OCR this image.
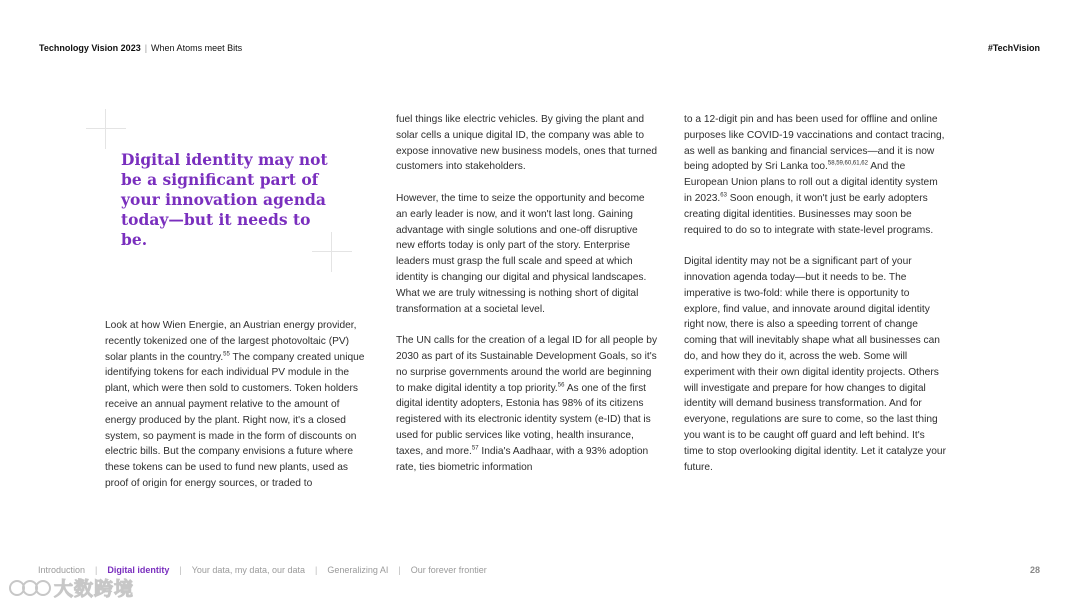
Technology Vision 2023 | When Atoms meet Bits	#TechVision

Digital identity may not be a significant part of your innovation agenda today—but it needs to be.

Look at how Wien Energie, an Austrian energy provider, recently tokenized one of the largest photovoltaic (PV) solar plants in the country.$^{55}$ The company created unique identifying tokens for each individual PV module in the plant, which were then sold to customers. Token holders receive an annual payment relative to the amount of energy produced by the plant. Right now, it's a closed system, so payment is made in the form of discounts on electric bills. But the company envisions a future where these tokens can be used to fund new plants, used as proof of origin for energy sources, or traded to

fuel things like electric vehicles. By giving the plant and solar cells a unique digital ID, the company was able to expose innovative new business models, ones that turned customers into stakeholders.

However, the time to seize the opportunity and become an early leader is now, and it won't last long. Gaining advantage with single solutions and one-off disruptive new efforts today is only part of the story. Enterprise leaders must grasp the full scale and speed at which identity is changing our digital and physical landscapes. What we are truly witnessing is nothing short of digital transformation at a societal level.

The UN calls for the creation of a legal ID for all people by 2030 as part of its Sustainable Development Goals, so it's no surprise governments around the world are beginning to make digital identity a top priority.$^{56}$ As one of the first digital identity adopters, Estonia has 98% of its citizens registered with its electronic identity system (e-ID) that is used for public services like voting, health insurance, taxes, and more.$^{57}$ India's Aadhaar, with a 93% adoption rate, ties biometric information

to a 12-digit pin and has been used for offline and online purposes like COVID-19 vaccinations and contact tracing, as well as banking and financial services—and it is now being adopted by Sri Lanka too.$^{58,59,60,61,62}$ And the European Union plans to roll out a digital identity system in 2023.63 Soon enough, it won't just be early adopters creating digital identities. Businesses may soon be required to do so to integrate with state-level programs.

Digital identity may not be a significant part of your innovation agenda today—but it needs to be. The imperative is two-fold: while there is opportunity to explore, find value, and innovate around digital identity right now, there is also a speeding torrent of change coming that will inevitably shape what all businesses can do, and how they do it, across the web. Some will experiment with their own digital identity projects. Others will investigate and prepare for how changes to digital identity will demand business transformation. And for everyone, regulations are sure to come, so the last thing you want is to be caught off guard and left behind. It's time to stop overlooking digital identity. Let it catalyze your future.

Introduction | Digital identity | Your data, my data, our data | Generalizing AI | Our forever frontier	28
大数跨境
